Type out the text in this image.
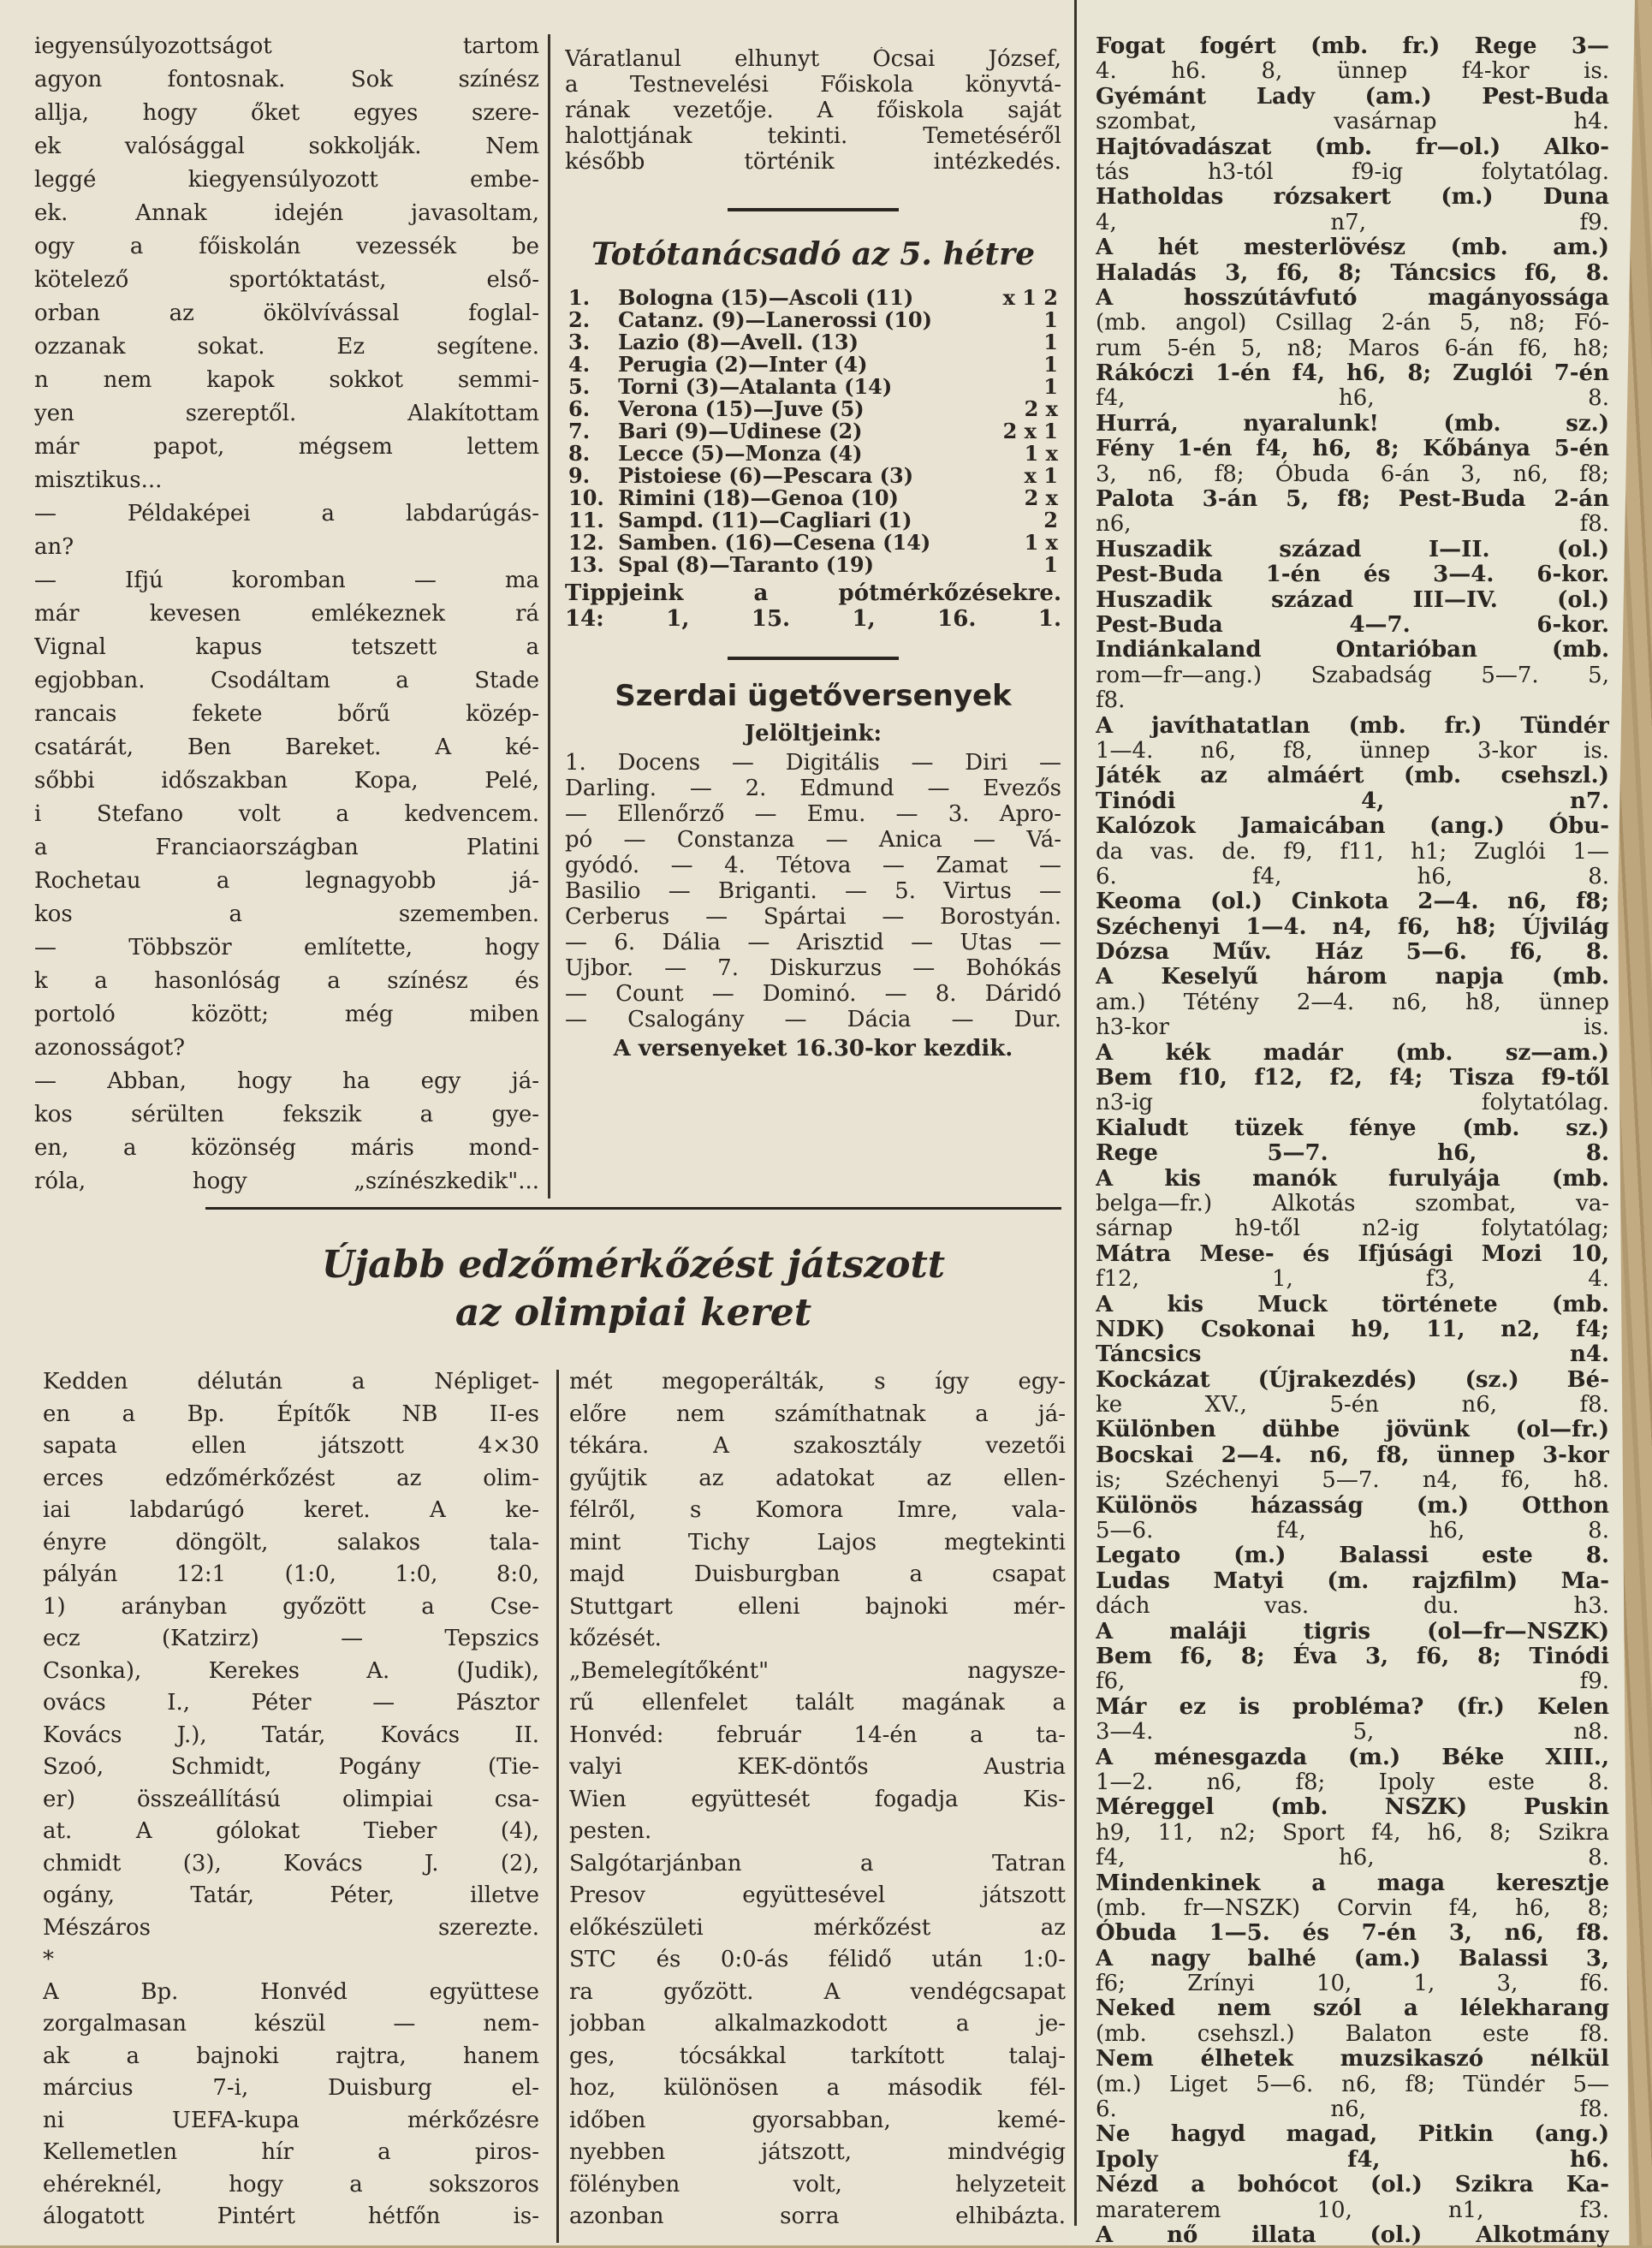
iegyensúlyozottságot tartom
agyon fontosnak. Sok színész
allja, hogy őket egyes szere-
ek valósággal sokkolják. Nem
leggé kiegyensúlyozott embe-
ek. Annak idején javasoltam,
ogy a főiskolán vezessék be
kötelező sportóktatást, első-
orban az ökölvívással foglal-
ozzanak sokat. Ez segítene.
n nem kapok sokkot semmi-
yen szereptől. Alakítottam
már papot, mégsem lettem
misztikus...
— Példaképei a labdarúgás-
an?
— Ifjú koromban — ma
már kevesen emlékeznek rá
Vignal kapus tetszett a
egjobban. Csodáltam a Stade
rancais fekete bőrű közép-
csatárát, Ben Bareket. A ké-
sőbbi időszakban Kopa, Pelé,
i Stefano volt a kedvencem.
a Franciaországban Platini
Rochetau a legnagyobb já-
kos a szememben.
— Többször említette, hogy
k a hasonlóság a színész és
portoló között; még miben
azonosságot?
— Abban, hogy ha egy já-
kos sérülten fekszik a gye-
en, a közönség máris mond-
róla, hogy „színészkedik"...
Váratlanul elhunyt Ócsai József,
a Testnevelési Főiskola könyvtá-
rának vezetője. A főiskola saját
halottjának tekinti. Temetéséről
később történik intézkedés.
Totótanácsadó az 5. hétre
1.	Bologna (15)—Ascoli (11)	x 1 2
2.	Catanz. (9)—Lanerossi (10)	1
3.	Lazio (8)—Avell. (13)	1
4.	Perugia (2)—Inter (4)	1
5.	Torni (3)—Atalanta (14)	1
6.	Verona (15)—Juve (5)	2 x
7.	Bari (9)—Udinese (2)	2 x 1
8.	Lecce (5)—Monza (4)	1 x
9.	Pistoiese (6)—Pescara (3)	x 1
10.	Rimini (18)—Genoa (10)	2 x
11.	Sampd. (11)—Cagliari (1)	2
12.	Samben. (16)—Cesena (14)	1 x
13.	Spal (8)—Taranto (19)	1
Tippjeink a pótmérkőzésekre.
14: 1, 15. 1, 16. 1.
Szerdai ügetőversenyek
Jelöltjeink:
1. Docens — Digitális — Diri —
Darling. — 2. Edmund — Evezős
— Ellenőrző — Emu. — 3. Apro-
pó — Constanza — Anica — Vá-
gyódó. — 4. Tétova — Zamat —
Basilio — Briganti. — 5. Virtus —
Cerberus — Spártai — Borostyán.
— 6. Dália — Arisztid — Utas —
Ujbor. — 7. Diskurzus — Bohókás
— Count — Dominó. — 8. Dáridó
— Csalogány — Dácia — Dur.
A versenyeket 16.30-kor kezdik.
Újabb edzőmérkőzést játszott
az olimpiai keret
Fogat fogért (mb. fr.) Rege 3—
4. h6. 8, ünnep f4-kor is.
Gyémánt Lady (am.) Pest-Buda
szombat, vasárnap h4.
Hajtóvadászat (mb. fr—ol.) Alko-
tás h3-tól f9-ig folytatólag.
Hatholdas rózsakert (m.) Duna
4, n7, f9.
A hét mesterlövész (mb. am.)
Haladás 3, f6, 8; Táncsics f6, 8.
A hosszútávfutó magányossága
(mb. angol) Csillag 2-án 5, n8; Fó-
rum 5-én 5, n8; Maros 6-án f6, h8;
Rákóczi 1-én f4, h6, 8; Zuglói 7-én
f4, h6, 8.
Hurrá, nyaralunk! (mb. sz.)
Fény 1-én f4, h6, 8; Kőbánya 5-én
3, n6, f8; Óbuda 6-án 3, n6, f8;
Palota 3-án 5, f8; Pest-Buda 2-án
n6, f8.
Huszadik század I—II. (ol.)
Pest-Buda 1-én és 3—4. 6-kor.
Huszadik század III—IV. (ol.)
Pest-Buda 4—7. 6-kor.
Indiánkaland Ontarióban (mb.
rom—fr—ang.) Szabadság 5—7. 5,
f8.
A javíthatatlan (mb. fr.) Tündér
1—4. n6, f8, ünnep 3-kor is.
Játék az almáért (mb. csehszl.)
Tinódi 4, n7.
Kalózok Jamaicában (ang.) Óbu-
da vas. de. f9, f11, h1; Zuglói 1—
6. f4, h6, 8.
Keoma (ol.) Cinkota 2—4. n6, f8;
Széchenyi 1—4. n4, f6, h8; Újvilág
Dózsa Műv. Ház 5—6. f6, 8.
A Keselyű három napja (mb.
am.) Tétény 2—4. n6, h8, ünnep
h3-kor is.
A kék madár (mb. sz—am.)
Bem f10, f12, f2, f4; Tisza f9-től
n3-ig folytatólag.
Kialudt tüzek fénye (mb. sz.)
Rege 5—7. h6, 8.
A kis manók furulyája (mb.
belga—fr.) Alkotás szombat, va-
sárnap h9-től n2-ig folytatólag;
Mátra Mese- és Ifjúsági Mozi 10,
f12, 1, f3, 4.
A kis Muck története (mb.
NDK) Csokonai h9, 11, n2, f4;
Táncsics n4.
Kockázat (Újrakezdés) (sz.) Bé-
ke XV., 5-én n6, f8.
Különben dühbe jövünk (ol—fr.)
Bocskai 2—4. n6, f8, ünnep 3-kor
is; Széchenyi 5—7. n4, f6, h8.
Különös házasság (m.) Otthon
5—6. f4, h6, 8.
Legato (m.) Balassi este 8.
Ludas Matyi (m. rajzfilm) Ma-
dách vas. du. h3.
A maláji tigris (ol—fr—NSZK)
Bem f6, 8; Éva 3, f6, 8; Tinódi
f6, f9.
Már ez is probléma? (fr.) Kelen
3—4. 5, n8.
A ménesgazda (m.) Béke XIII.,
1—2. n6, f8; Ipoly este 8.
Méreggel (mb. NSZK) Puskin
h9, 11, n2; Sport f4, h6, 8; Szikra
f4, h6, 8.
Mindenkinek a maga keresztje
(mb. fr—NSZK) Corvin f4, h6, 8;
Óbuda 1—5. és 7-én 3, n6, f8.
A nagy balhé (am.) Balassi 3,
f6; Zrínyi 10, 1, 3, f6.
Neked nem szól a lélekharang
(mb. csehszl.) Balaton este f8.
Nem élhetek muzsikaszó nélkül
(m.) Liget 5—6. n6, f8; Tündér 5—
6. n6, f8.
Ne hagyd magad, Pitkin (ang.)
Ipoly f4, h6.
Nézd a bohócot (ol.) Szikra Ka-
maraterem 10, n1, f3.
A nő illata (ol.) Alkotmány
Kedden délután a Népliget-
en a Bp. Építők NB II-es
sapata ellen játszott 4×30
erces edzőmérkőzést az olim-
iai labdarúgó keret. A ke-
ényre döngölt, salakos tala-
pályán 12:1 (1:0, 1:0, 8:0,
1) arányban győzött a Cse-
ecz (Katzirz) — Tepszics
Csonka), Kerekes A. (Judik),
ovács I., Péter — Pásztor
Kovács J.), Tatár, Kovács II.
Szoó, Schmidt, Pogány (Tie-
er) összeállítású olimpiai csa-
at. A gólokat Tieber (4),
chmidt (3), Kovács J. (2),
ogány, Tatár, Péter, illetve
Mészáros szerezte.
*
A Bp. Honvéd együttese
zorgalmasan készül — nem-
ak a bajnoki rajtra, hanem
március 7-i, Duisburg el-
ni UEFA-kupa mérkőzésre
Kellemetlen hír a piros-
ehéreknél, hogy a sokszoros
álogatott Pintért hétfőn is-
mét megoperálták, s így egy-
előre nem számíthatnak a já-
tékára. A szakosztály vezetői
gyűjtik az adatokat az ellen-
félről, s Komora Imre, vala-
mint Tichy Lajos megtekinti
majd Duisburgban a csapat
Stuttgart elleni bajnoki mér-
kőzését.
„Bemelegítőként" nagysze-
rű ellenfelet talált magának a
Honvéd: február 14-én a ta-
valyi KEK-döntős Austria
Wien együttesét fogadja Kis-
pesten.
Salgótarjánban a Tatran
Presov együttesével játszott
előkészületi mérkőzést az
STC és 0:0-ás félidő után 1:0-
ra győzött. A vendégcsapat
jobban alkalmazkodott a je-
ges, tócsákkal tarkított talaj-
hoz, különösen a második fél-
időben gyorsabban, kemé-
nyebben játszott, mindvégig
fölényben volt, helyzeteit
azonban sorra elhibázta.
